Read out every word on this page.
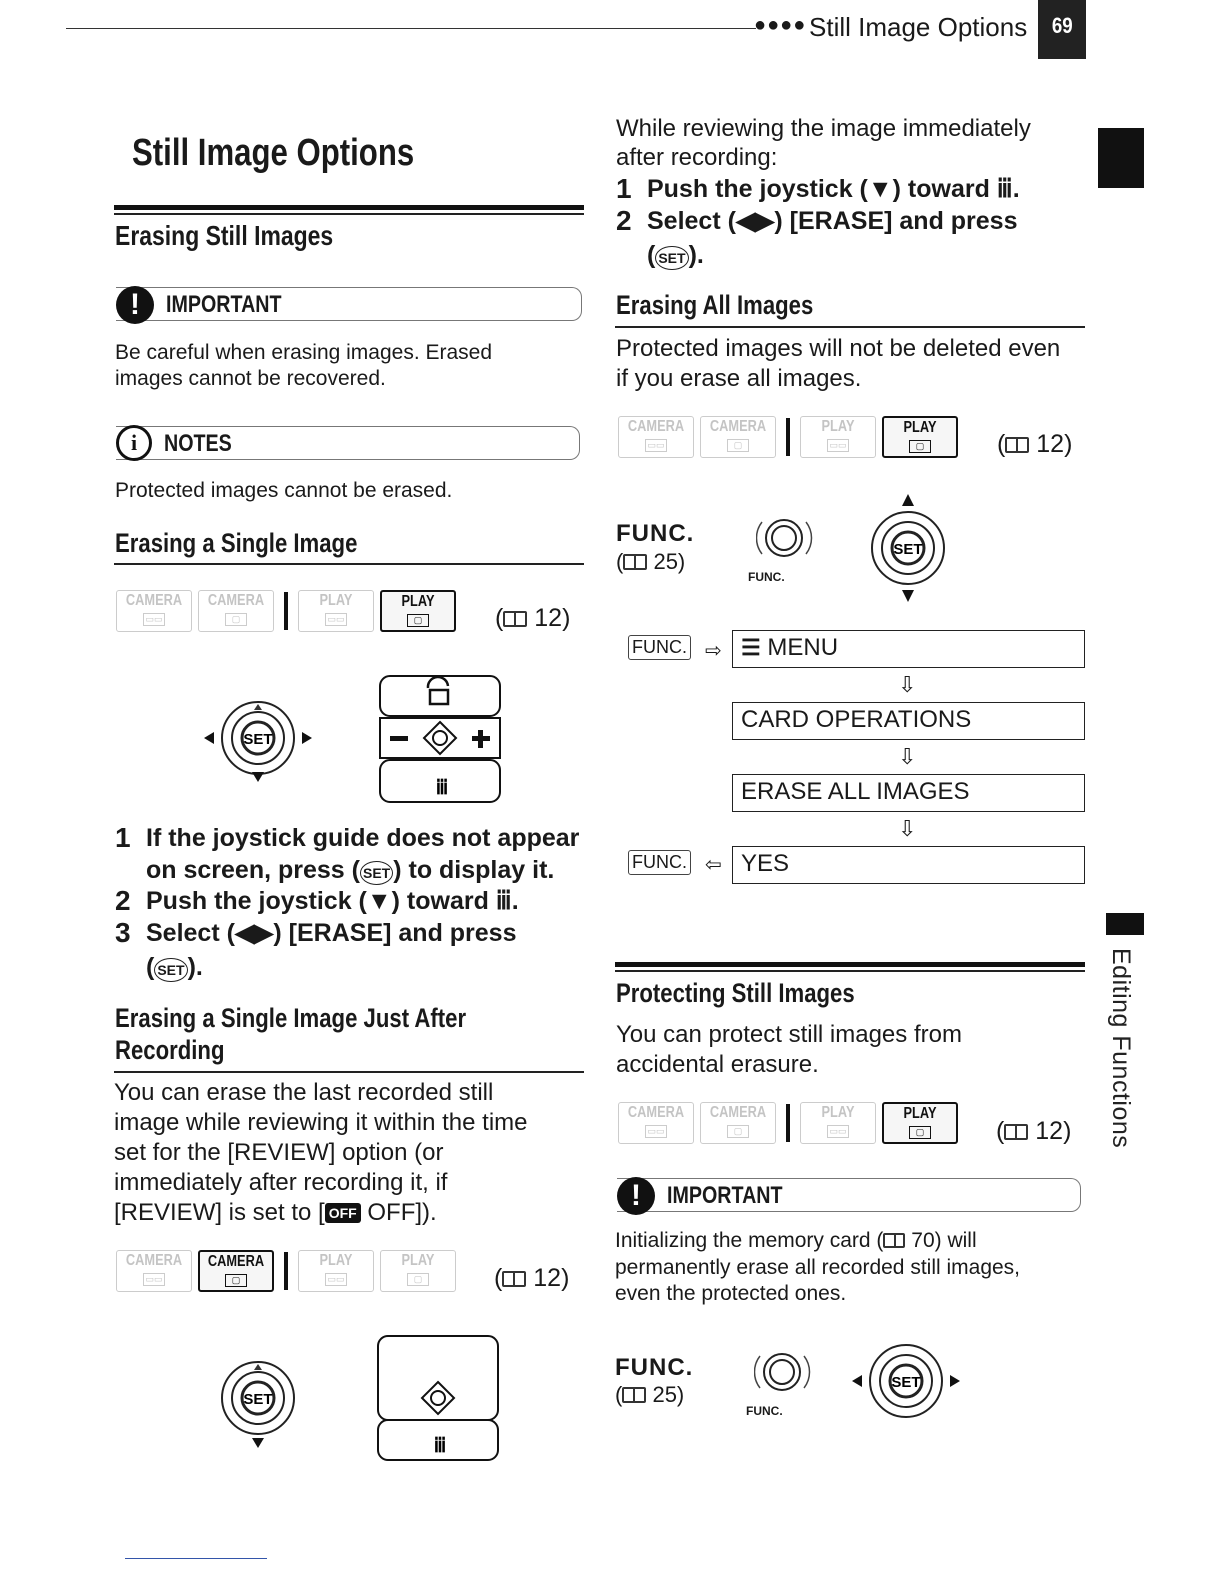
●●●● Still Image Options	69
Editing Functions
Still Image Options
Erasing Still Images
!	IMPORTANT
Be careful when erasing images. Erased
images cannot be recovered.
i	NOTES
Protected images cannot be erased.
Erasing a Single Image
CAMERA
▭▭
CAMERA
▢
PLAY
▭▭
PLAY
▢	( 12)
SET
ⅲ
1 If the joystick guide does not appear
on screen, press ( SET ) to display it.
2 Push the joystick (▼) toward ⅲ.
3 Select (◀▶) [ERASE] and press
( SET ).
Erasing a Single Image Just After
Recording
You can erase the last recorded still
image while reviewing it within the time
set for the [REVIEW] option (or
immediately after recording it, if
[REVIEW] is set to [ OFF OFF]).
CAMERA
▭▭
CAMERA
▢
PLAY
▭▭
PLAY
▢	( 12)
SET
ⅲ
While reviewing the image immediately
after recording:
1 Push the joystick (▼) toward ⅲ.
2 Select (◀▶) [ERASE] and press
( SET ).
Erasing All Images
Protected images will not be deleted even
if you erase all images.
CAMERA
▭▭
CAMERA
▢
PLAY
▭▭
PLAY
▢	( 12)
FUNC.
( 25)
FUNC.
SET
FUNC. ⇨ ☰ MENU
⇩
CARD OPERATIONS
⇩
ERASE ALL IMAGES
⇩
FUNC. ⇦ YES
Protecting Still Images
You can protect still images from
accidental erasure.
CAMERA
▭▭
CAMERA
▢
PLAY
▭▭
PLAY
▢	( 12)
!	IMPORTANT
Initializing the memory card ( 70) will
permanently erase all recorded still images,
even the protected ones.
FUNC.
( 25)
FUNC.
SET
